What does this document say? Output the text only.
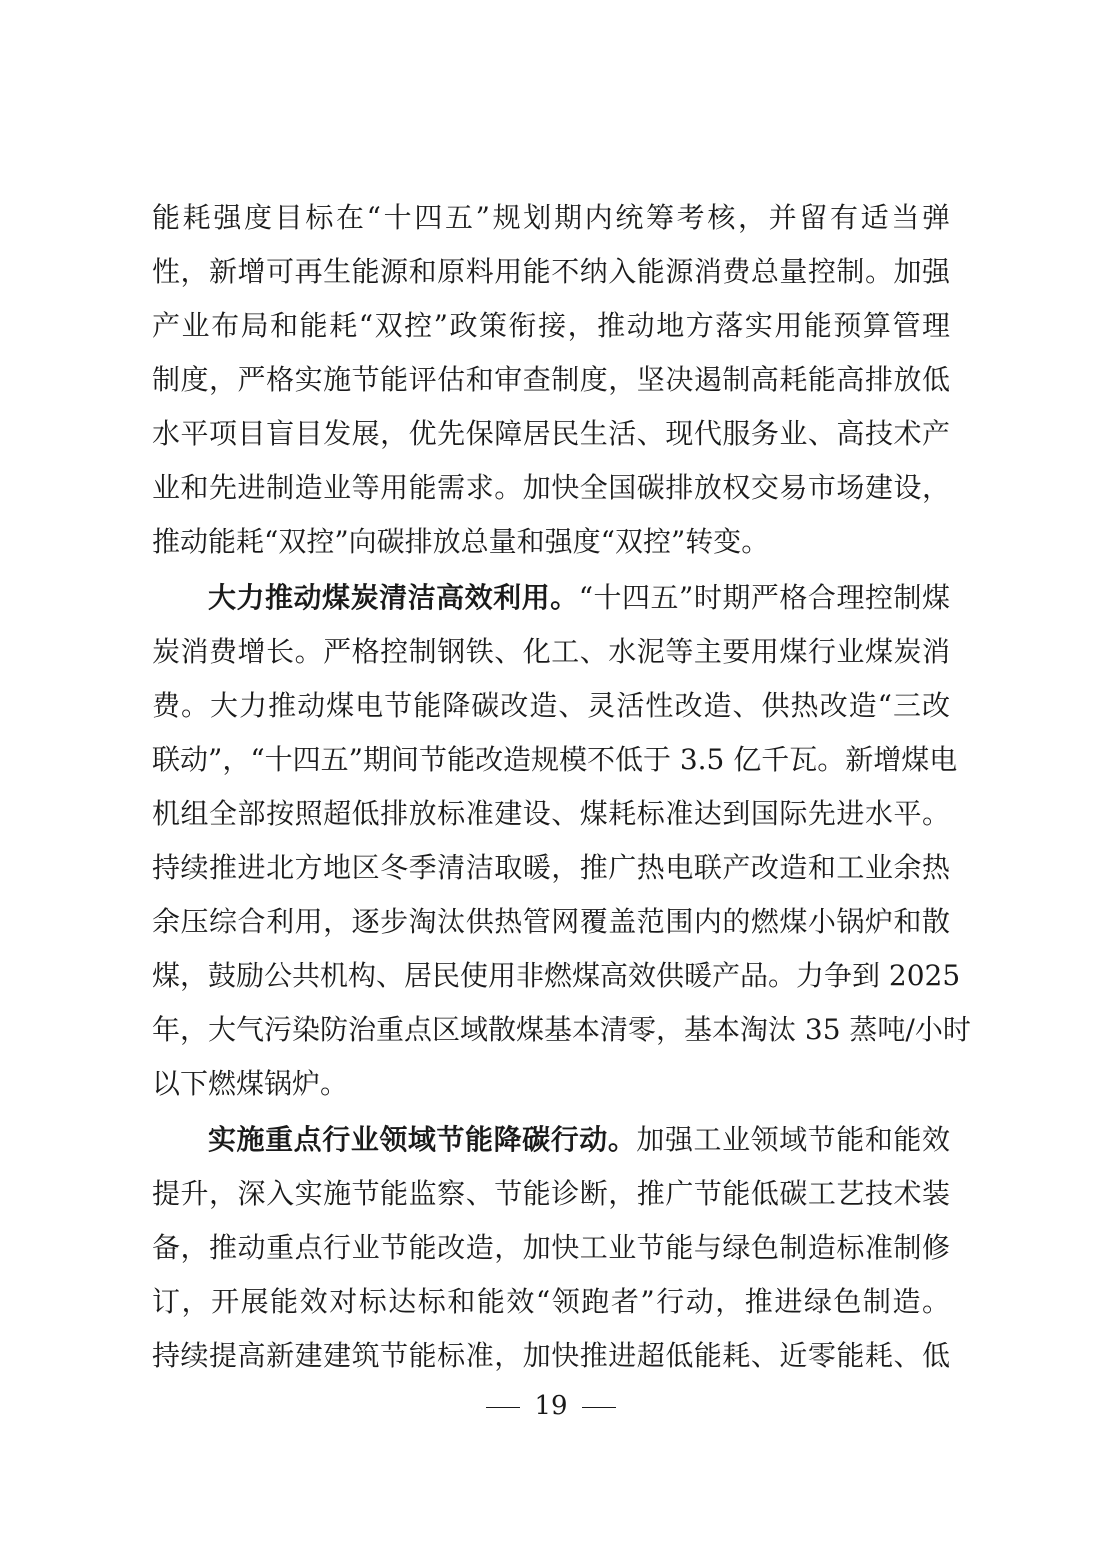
能耗强度目标在“十四五”规划期内统筹考核，并留有适当弹
性，新增可再生能源和原料用能不纳入能源消费总量控制。加强
产业布局和能耗“双控”政策衔接，推动地方落实用能预算管理
制度，严格实施节能评估和审查制度，坚决遏制高耗能高排放低
水平项目盲目发展，优先保障居民生活、现代服务业、高技术产
业和先进制造业等用能需求。加快全国碳排放权交易市场建设，
推动能耗“双控”向碳排放总量和强度“双控”转变。
大力推动煤炭清洁高效利用。“十四五”时期严格合理控制煤
炭消费增长。严格控制钢铁、化工、水泥等主要用煤行业煤炭消
费。大力推动煤电节能降碳改造、灵活性改造、供热改造“三改
联动”，“十四五”期间节能改造规模不低于 3.5 亿千瓦。新增煤电
机组全部按照超低排放标准建设、煤耗标准达到国际先进水平。
持续推进北方地区冬季清洁取暖，推广热电联产改造和工业余热
余压综合利用，逐步淘汰供热管网覆盖范围内的燃煤小锅炉和散
煤，鼓励公共机构、居民使用非燃煤高效供暖产品。力争到 2025
年，大气污染防治重点区域散煤基本清零，基本淘汰 35 蒸吨/小时
以下燃煤锅炉。
实施重点行业领域节能降碳行动。加强工业领域节能和能效
提升，深入实施节能监察、节能诊断，推广节能低碳工艺技术装
备，推动重点行业节能改造，加快工业节能与绿色制造标准制修
订，开展能效对标达标和能效“领跑者”行动，推进绿色制造。
持续提高新建建筑节能标准，加快推进超低能耗、近零能耗、低
19
